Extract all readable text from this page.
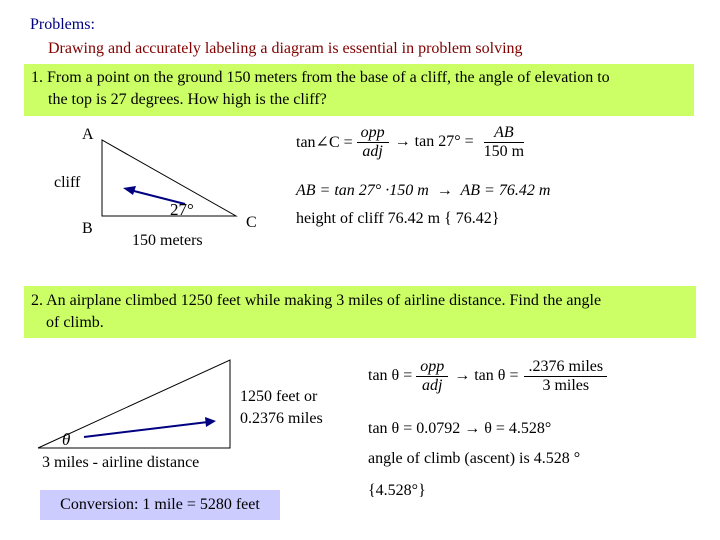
Problems:
Drawing and accurately labeling a diagram is essential in problem solving
1. From a point on the ground 150 meters from the base of a cliff, the angle of elevation to
the top is 27 degrees. How high is the cliff?
A
B	C
cliff
27°
150 meters
tan∠C = $\frac{\text{opp}}{\text{adj}} \to \tan 27^\circ = \frac{AB}{150 m}$
AB = tan 27° ·150 m → AB = 76.42 m
height of cliff 76.42 m { 76.42}
2. An airplane climbed 1250 feet while making 3 miles of airline distance. Find the angle
of climb.
1250 feet or
0.2376 miles
θ
3 miles - airline distance
$\tan \theta = \frac{\text{opp}}{\text{adj}} \to \tan \theta = \frac{\text{.2376 miles}}{\text{3 miles}}$
tan θ = 0.0792 → θ = 4.528°
angle of climb (ascent) is 4.528 °
{4.528°}
Conversion: 1 mile = 5280 feet
